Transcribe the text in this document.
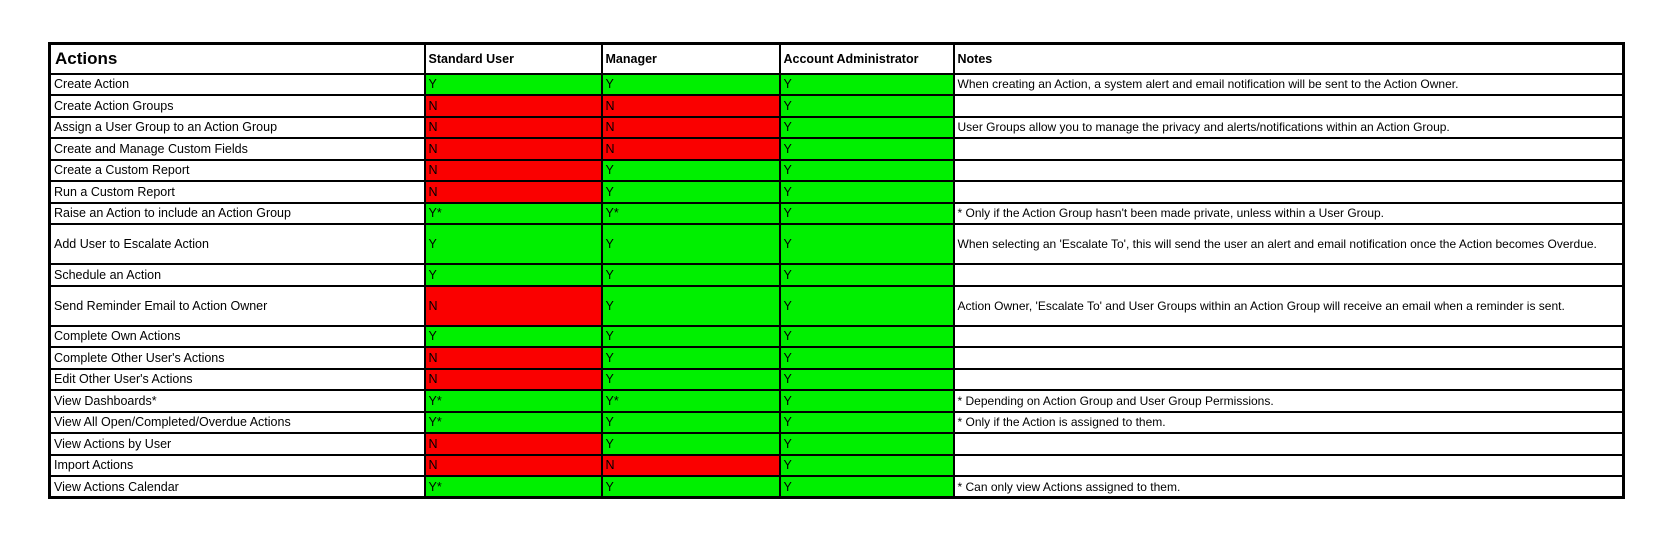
Actions	Standard User	Manager	Account Administrator	Notes
Create Action	Y	Y	Y	When creating an Action, a system alert and email notification will be sent to the Action Owner.
Create Action Groups	N	N	Y	
Assign a User Group to an Action Group	N	N	Y	User Groups allow you to manage the privacy and alerts/notifications within an Action Group.
Create and Manage Custom Fields	N	N	Y	
Create a Custom Report	N	Y	Y	
Run a Custom Report	N	Y	Y	
Raise an Action to include an Action Group	Y*	Y*	Y	* Only if the Action Group hasn't been made private, unless within a User Group.
Add User to Escalate Action	Y	Y	Y	When selecting an 'Escalate To', this will send the user an alert and email notification once the Action becomes Overdue.
Schedule an Action	Y	Y	Y	
Send Reminder Email to Action Owner	N	Y	Y	Action Owner, 'Escalate To' and User Groups within an Action Group will receive an email when a reminder is sent.
Complete Own Actions	Y	Y	Y	
Complete Other User's Actions	N	Y	Y	
Edit Other User's Actions	N	Y	Y	
View Dashboards*	Y*	Y*	Y	* Depending on Action Group and User Group Permissions.
View All Open/Completed/Overdue Actions	Y*	Y	Y	* Only if the Action is assigned to them.
View Actions by User	N	Y	Y	
Import Actions	N	N	Y	
View Actions Calendar	Y*	Y	Y	* Can only view Actions assigned to them.
